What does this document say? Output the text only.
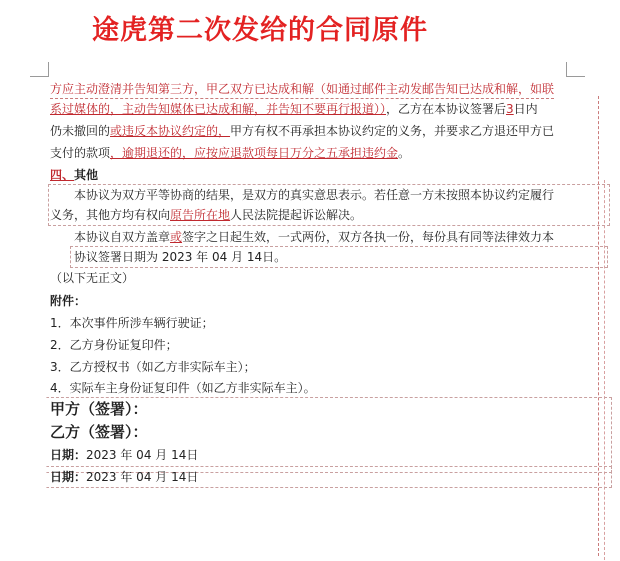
途虎第二次发给的合同原件
方应主动澄清并告知第三方，甲乙双方已达成和解（如通过邮件主动发邮告知已达成和解，如联
系过媒体的，主动告知媒体已达成和解，并告知不要再行报道）），乙方在本协议签署后3日内
仍未撤回的或违反本协议约定的，甲方有权不再承担本协议约定的义务，并要求乙方退还甲方已
支付的款项，逾期退还的，应按应退款项每日万分之五承担违约金。
四、其他
本协议为双方平等协商的结果，是双方的真实意思表示。若任意一方未按照本协议约定履行
义务，其他方均有权向原告所在地人民法院提起诉讼解决。
本协议自双方盖章或签字之日起生效，一式两份，双方各执一份，每份具有同等法律效力本
协议签署日期为 2023 年 04 月 14日。
（以下无正文）
附件：
1．本次事件所涉车辆行驶证；
2．乙方身份证复印件；
3．乙方授权书（如乙方非实际车主）；
4．实际车主身份证复印件（如乙方非实际车主）。
甲方（签署）：
乙方（签署）：
日期：2023 年 04 月 14日
日期：2023 年 04 月 14日
